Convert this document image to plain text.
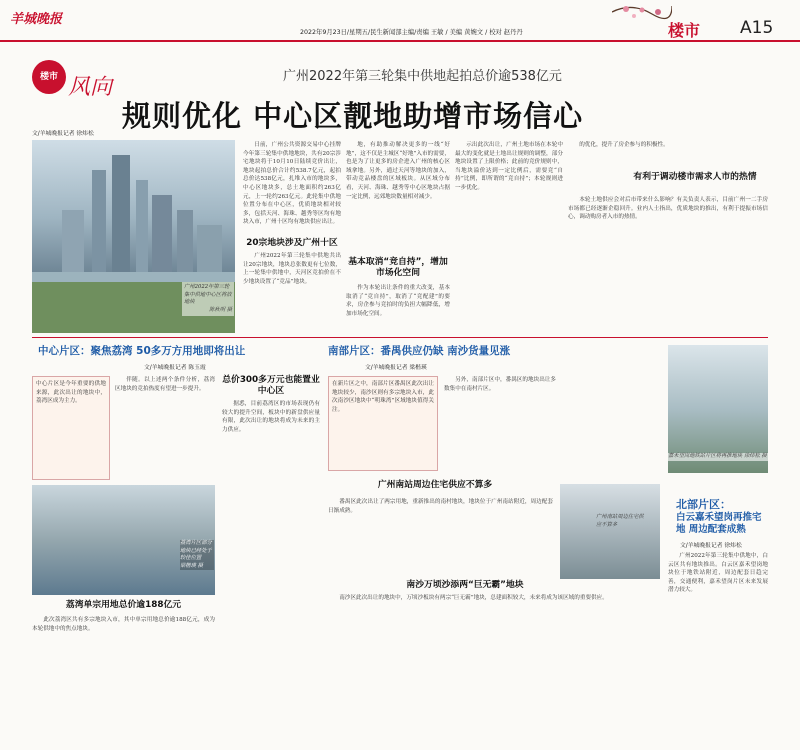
羊城晚报
2022年9月23日/星期五/民生新闻部主编/责编 王敏 / 美编 黄婉文 / 校对 赵丹丹	楼市 A15
楼市 风向	广州2022年第三轮集中供地起拍总价逾538亿元
规则优化 中心区靓地助增市场信心
文/羊城晚报记者 徐炜松
广州2022年第三轮集中供地中心区将放地块
陈秋明 摄

日前，广州公共资源交易中心挂牌今年第三轮集中供地地块，共有20宗涉宅地块将于10月10日陆续竞价出让，地块起拍总价合计约538.7亿元，起拍总价达538亿元，扎堆入市的地块多，中心区地块多，总土地面积约263亿元，上一轮约263亿元。此轮集中供地位置分布在中心区，优质地块相对较多，包括天河、海珠、越秀等区均有地块入市，广州十区均有地块供应出让。

20宗地块涉及广州十区

广州2022年第三轮集中供地共出让20宗地块，地块总张数更有七位数，上一轮集中供地中，天河区竞拍价在不少地块设置了“竞品”地块。

地，有助推动解决更多的一线“好地”，这不仅是主城区“好地”入市的需要，也是为了让更多的房企进入广州的核心区域拿地。另外，通过天河等地块的加入，带动竞品楼盘的区域板块。从区域分布看，天河、海珠、越秀等中心区地块占据一定比例，远郊地块数量相对减少。

基本取消“竞自持”，增加市场化空间

作为本轮出让条件的重大改变，基本取消了“竞自持”，取消了“竞配建”的要求，房企参与竞拍时的负担大幅降低，增加市场化空间。

示出此次出让，广州土地市场在本轮中最大的变化就是土地出让规则的调整，部分地块设置了上限价格；此前的竞价规则中，当地块溢价达到一定比例后，需要竞“自持”比例，即所谓的“竞自持”；本轮规则进一步优化。

的优化，提升了房企参与的积极性。

有利于调动楼市需求人市的热情

本轮土地供应会对后市带来什么影响？有关负责人表示，目前广州一二手房市场都已经逐渐企稳回升。业内人士指出，优质地块的推出，有利于提振市场信心，调动购房者入市的热情。

中心片区：聚焦荔湾 50多万方用地即将出让
文/羊城晚报记者 陈玉霞
中心片区是今年重要的供地来源，此次出让的地块中，荔湾区成为主力。

伴随。以上述两个条件分析，荔湾区地块的竞拍热度有望进一步提升。

总价300多万元也能置业中心区

据悉，目前荔湾区的市场表现仍有较大的提升空间，板块中的新盘供应量有限，此次出让的地块将成为未来的主力供应。

荔湾片区部分地块已经处于较佳位置
梁楷瑛 摄
荔湾单宗用地总价逾188亿元

此次荔湾区共有多宗地块入市，其中单宗用地总价逾188亿元，成为本轮供地中的焦点地块。

南部片区：番禺供应仍缺 南沙货量见涨
文/羊城晚报记者 梁楷瑛
在新片区之中，南部片区番禺区此次出让地块较少，南沙区则有多宗地块入市，此次南沙区地块中“明珠湾”区域地块值得关注。

另外，南部片区中，番禺区的地块出让多数集中在南村片区。

广州南站周边住宅供应不算多

番禺区此次出让了两宗用地，重新推出的南村地块，地块位于广州南站附近，周边配套日渐成熟。

广州南站周边住宅供应不算多
南沙万顷沙添两“巨无霸”地块

南沙区此次出让的地块中，万顷沙板块有两宗“巨无霸”地块，总建面积较大，未来将成为该区域的重要供应。

嘉禾望岗地铁站片区将再推地块 徐炜松 摄
北部片区：
白云嘉禾望岗再推宅地 周边配套成熟
文/羊城晚报记者 徐炜松

广州2022年第三轮集中供地中，白云区共有地块推出。白云区嘉禾望岗地块位于地铁站附近，周边配套日趋完善，交通便利，嘉禾望岗片区未来发展潜力较大。
